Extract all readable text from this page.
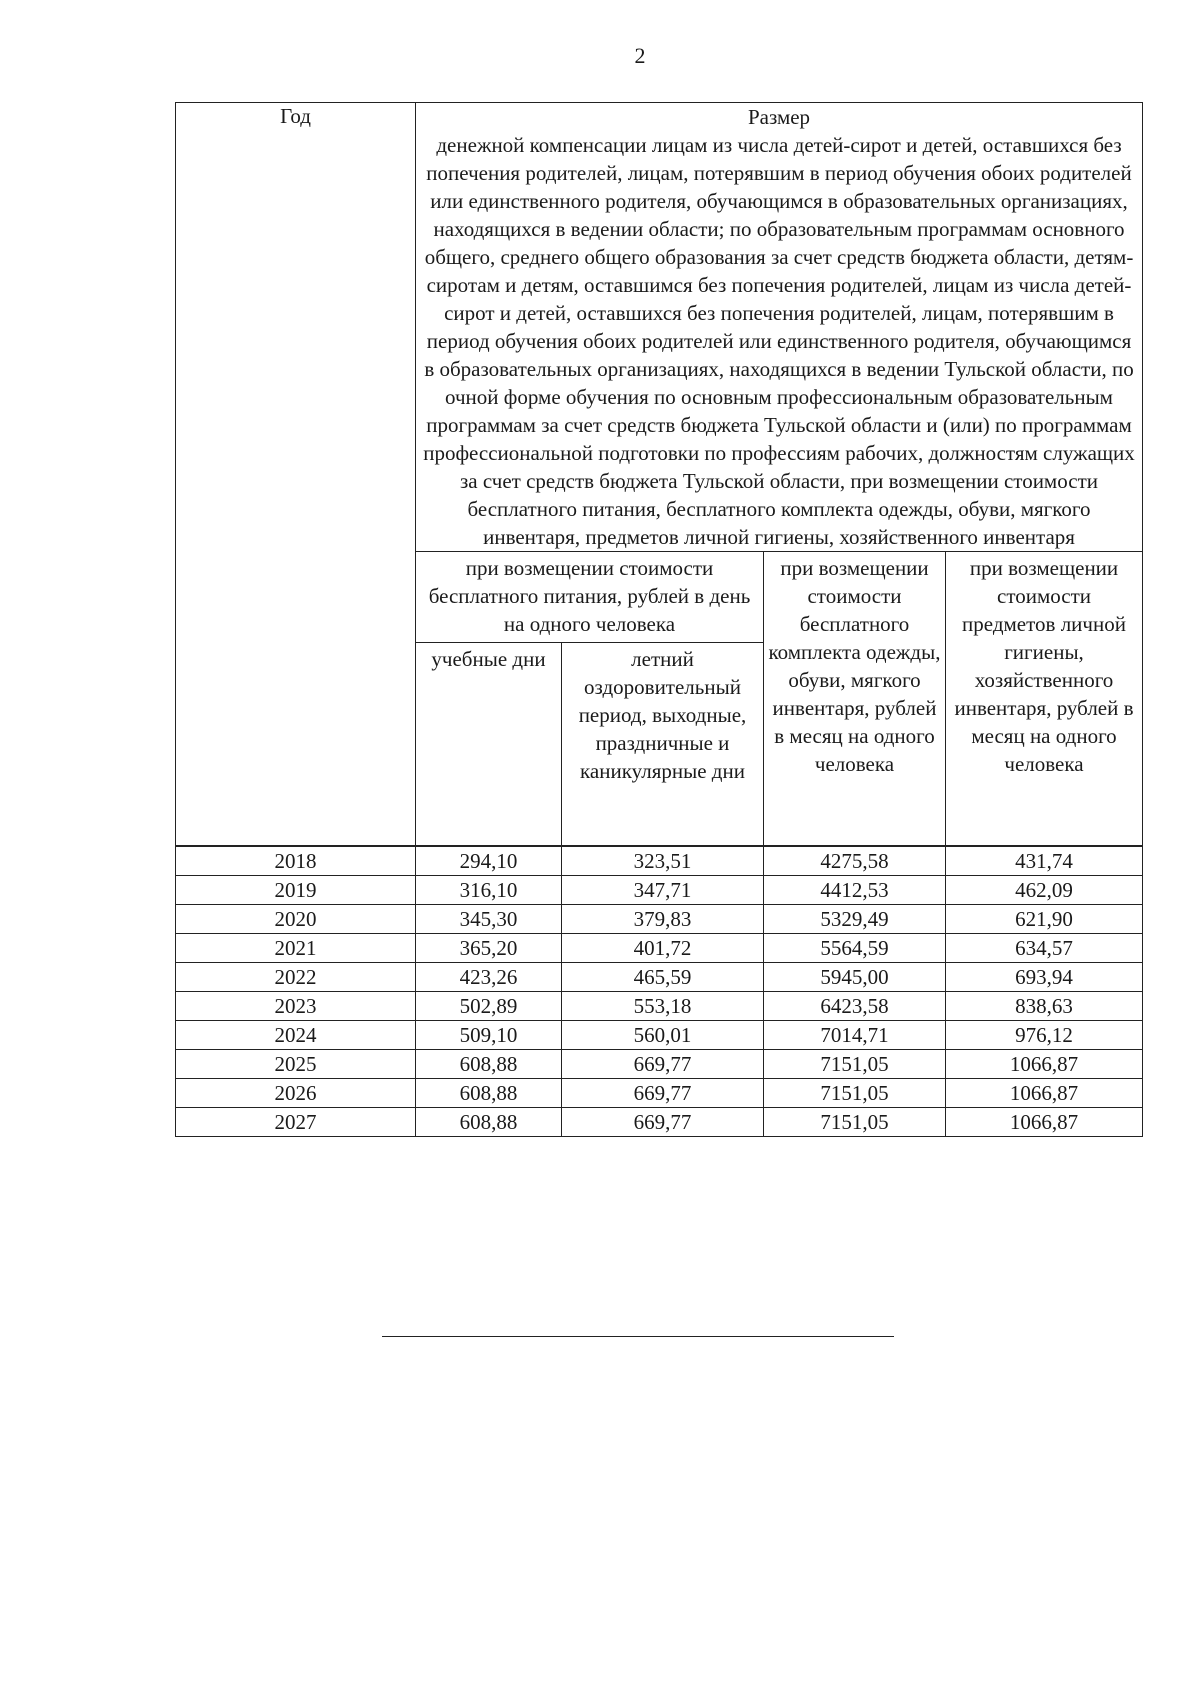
2
Год	Размер
денежной компенсации лицам из числа детей-сирот и детей, оставшихся без попечения родителей, лицам, потерявшим в период обучения обоих родителей или единственного родителя, обучающимся в образовательных организациях, находящихся в ведении области; по образовательным программам основного общего, среднего общего образования за счет средств бюджета области, детям-сиротам и детям, оставшимся без попечения родителей, лицам из числа детей-сирот и детей, оставшихся без попечения родителей, лицам, потерявшим в период обучения обоих родителей или единственного родителя, обучающимся в образовательных организациях, находящихся в ведении Тульской области, по очной форме обучения по основным профессиональным образовательным программам за счет средств бюджета Тульской области и (или) по программам профессиональной подготовки по профессиям рабочих, должностям служащих за счет средств бюджета Тульской области, при возмещении стоимости бесплатного питания, бесплатного комплекта одежды, обуви, мягкого инвентаря, предметов личной гигиены, хозяйственного инвентаря			

	при возмещении стоимости бесплатного питания, рублей в день на одного человека		при возмещении стоимости бесплатного комплекта одежды, обуви, мягкого инвентаря, рублей в месяц на одного человека	при возмещении стоимости предметов личной гигиены, хозяйственного инвентаря, рублей в месяц на одного человека
	учебные дни	летний оздоровительный период, выходные, праздничные и каникулярные дни		
2018	294,10	323,51	4275,58	431,74
2019	316,10	347,71	4412,53	462,09
2020	345,30	379,83	5329,49	621,90
2021	365,20	401,72	5564,59	634,57
2022	423,26	465,59	5945,00	693,94
2023	502,89	553,18	6423,58	838,63
2024	509,10	560,01	7014,71	976,12
2025	608,88	669,77	7151,05	1066,87
2026	608,88	669,77	7151,05	1066,87
2027	608,88	669,77	7151,05	1066,87
